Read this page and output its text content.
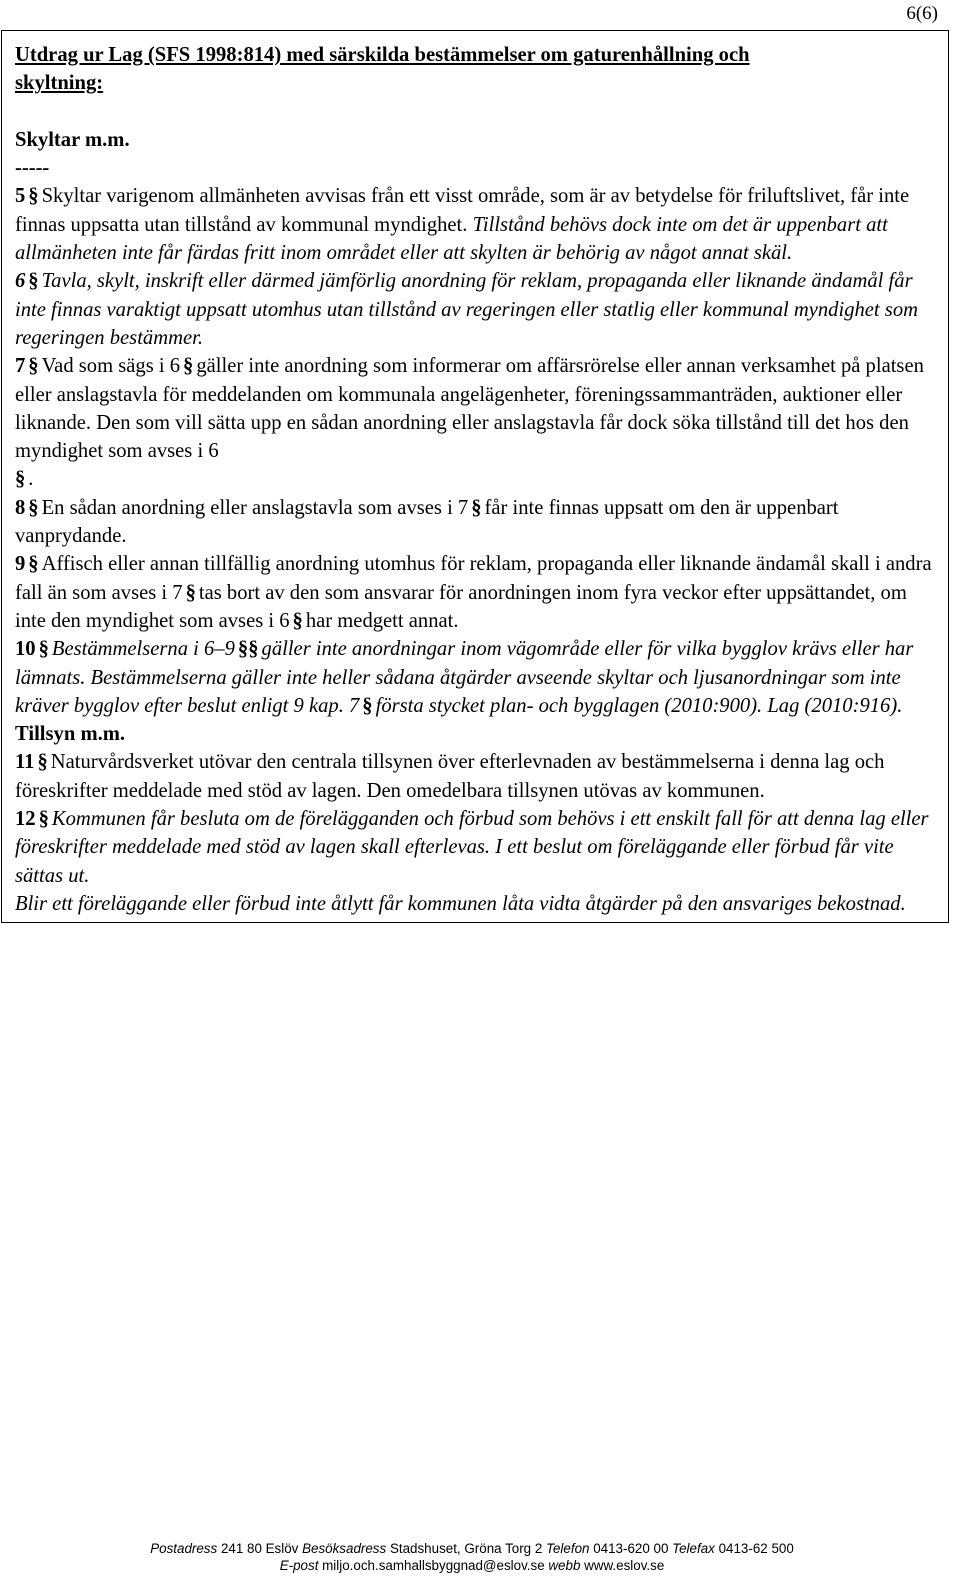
6(6)

Utdrag ur Lag (SFS 1998:814) med särskilda bestämmelser om gaturenhållning och
skyltning:

Skyltar m.m.

-----

5 § Skyltar varigenom allmänheten avvisas från ett visst område, som är av betydelse för friluftslivet, får inte finnas uppsatta utan tillstånd av kommunal myndighet. Tillstånd behövs dock inte om det är uppenbart att allmänheten inte får färdas fritt inom området eller att skylten är behörig av något annat skäl.

6 § Tavla, skylt, inskrift eller därmed jämförlig anordning för reklam, propaganda eller liknande ändamål får inte finnas varaktigt uppsatt utomhus utan tillstånd av regeringen eller statlig eller kommunal myndighet som regeringen bestämmer.

7 § Vad som sägs i 6 § gäller inte anordning som informerar om affärsrörelse eller annan verksamhet på platsen eller anslagstavla för meddelanden om kommunala angelägenheter, föreningssammanträden, auktioner eller liknande. Den som vill sätta upp en sådan anordning eller anslagstavla får dock söka tillstånd till det hos den myndighet som avses i 6
§ .

8 § En sådan anordning eller anslagstavla som avses i 7 § får inte finnas uppsatt om den är uppenbart vanprydande.

9 § Affisch eller annan tillfällig anordning utomhus för reklam, propaganda eller liknande ändamål skall i andra fall än som avses i 7 § tas bort av den som ansvarar för anordningen inom fyra veckor efter uppsättandet, om inte den myndighet som avses i 6 § har medgett annat.

10 § Bestämmelserna i 6–9 §§ gäller inte anordningar inom vägområde eller för vilka bygglov krävs eller har lämnats. Bestämmelserna gäller inte heller sådana åtgärder avseende skyltar och ljusanordningar som inte kräver bygglov efter beslut enligt 9 kap. 7 § första stycket plan- och bygglagen (2010:900). Lag (2010:916).

Tillsyn m.m.

11 § Naturvårdsverket utövar den centrala tillsynen över efterlevnaden av bestämmelserna i denna lag och föreskrifter meddelade med stöd av lagen. Den omedelbara tillsynen utövas av kommunen.

12 § Kommunen får besluta om de förelägganden och förbud som behövs i ett enskilt fall för att denna lag eller föreskrifter meddelade med stöd av lagen skall efterlevas. I ett beslut om föreläggande eller förbud får vite sättas ut.

Blir ett föreläggande eller förbud inte åtlytt får kommunen låta vidta åtgärder på den ansvariges bekostnad.

Postadress 241 80 Eslöv Besöksadress Stadshuset, Gröna Torg 2 Telefon 0413-620 00 Telefax 0413-62 500
E-post miljo.och.samhallsbyggnad@eslov.se webb www.eslov.se
